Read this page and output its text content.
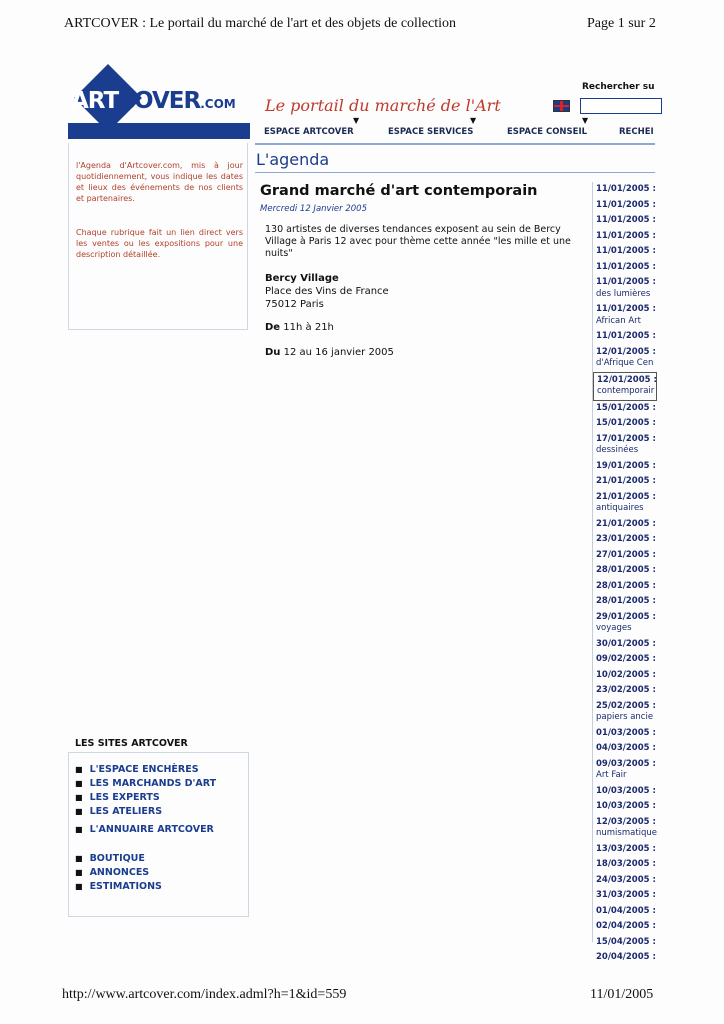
ARTCOVER : Le portail du marché de l'art et des objets de collection	Page 1 sur 2
http://www.artcover.com/index.adml?h=1&id=559	11/01/2005
ARTCOVER.COM Le portail du marché de l'Art
Rechercher su
▼	▼	▼
ESPACE ARTCOVER	ESPACE SERVICES	ESPACE CONSEIL	RECHEI
l'Agenda d'Artcover.com, mis à jour quotidiennement, vous indique les dates et lieux des événements de nos clients et partenaires.
Chaque rubrique fait un lien direct vers les ventes ou les expositions pour une description détaillée.
L'agenda
Grand marché d'art contemporain
Mercredi 12 Janvier 2005
130 artistes de diverses tendances exposent au sein de Bercy Village à Paris 12 avec pour thème cette année "les mille et une nuits"
Bercy Village
Place des Vins de France
75012 Paris
De 11h à 21h
Du 12 au 16 janvier 2005
11/01/2005 :
11/01/2005 :
11/01/2005 :
11/01/2005 :
11/01/2005 :
11/01/2005 :
11/01/2005 :
des lumières
11/01/2005 :
African Art
11/01/2005 :
12/01/2005 :
d'Afrique Cen
12/01/2005 :
contemporair
15/01/2005 :
15/01/2005 :
17/01/2005 :
dessinées
19/01/2005 :
21/01/2005 :
21/01/2005 :
antiquaires
21/01/2005 :
23/01/2005 :
27/01/2005 :
28/01/2005 :
28/01/2005 :
28/01/2005 :
29/01/2005 :
voyages
30/01/2005 :
09/02/2005 :
10/02/2005 :
23/02/2005 :
25/02/2005 :
papiers ancie
01/03/2005 :
04/03/2005 :
09/03/2005 :
Art Fair
10/03/2005 :
10/03/2005 :
12/03/2005 :
numismatique
13/03/2005 :
18/03/2005 :
24/03/2005 :
31/03/2005 :
01/04/2005 :
02/04/2005 :
15/04/2005 :
20/04/2005 :
LES SITES ARTCOVER
■ L'ESPACE ENCHÈRES
■ LES MARCHANDS D'ART
■ LES EXPERTS
■ LES ATELIERS
■ L'ANNUAIRE ARTCOVER
■ BOUTIQUE
■ ANNONCES
■ ESTIMATIONS
